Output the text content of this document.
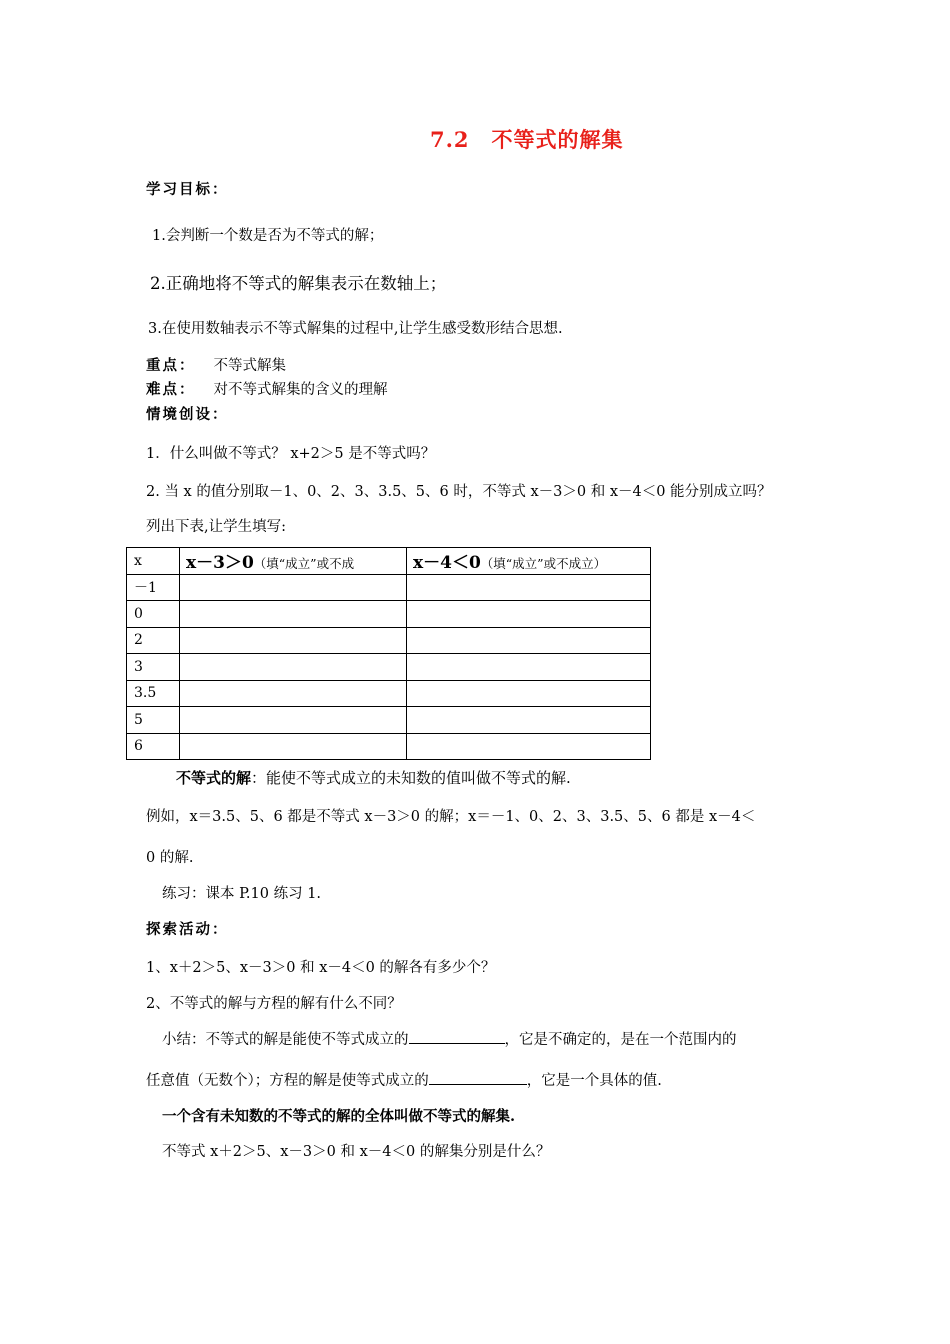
7.2 不等式的解集
学习目标：
1.会判断一个数是否为不等式的解；
2.正确地将不等式的解集表示在数轴上；
3.在使用数轴表示不等式解集的过程中,让学生感受数形结合思想.
重点： 不等式解集
难点： 对不等式解集的含义的理解
情境创设：
1．什么叫做不等式？ x+2＞5 是不等式吗？
2. 当 x 的值分别取－1、0、2、3、3.5、5、6 时，不等式 x－3＞0 和 x－4＜0 能分别成立吗？
列出下表,让学生填写:
x	x－3＞0（填“成立”或不成	x－4＜0（填“成立”或不成立）
－1		
0		
2		
3		
3.5		
5		
6		
不等式的解：能使不等式成立的未知数的值叫做不等式的解.
例如，x＝3.5、5、6 都是不等式 x－3＞0 的解；x＝－1、0、2、3、3.5、5、6 都是 x－4＜
0 的解.
练习：课本 P.10 练习 1.
探索活动：
1、x＋2＞5、x－3＞0 和 x－4＜0 的解各有多少个？
2、不等式的解与方程的解有什么不同？
小结：不等式的解是能使不等式成立的	，它是不确定的，是在一个范围内的
任意值（无数个）；方程的解是使等式成立的	，它是一个具体的值.
一个含有未知数的不等式的解的全体叫做不等式的解集.
不等式 x＋2＞5、x－3＞0 和 x－4＜0 的解集分别是什么？
